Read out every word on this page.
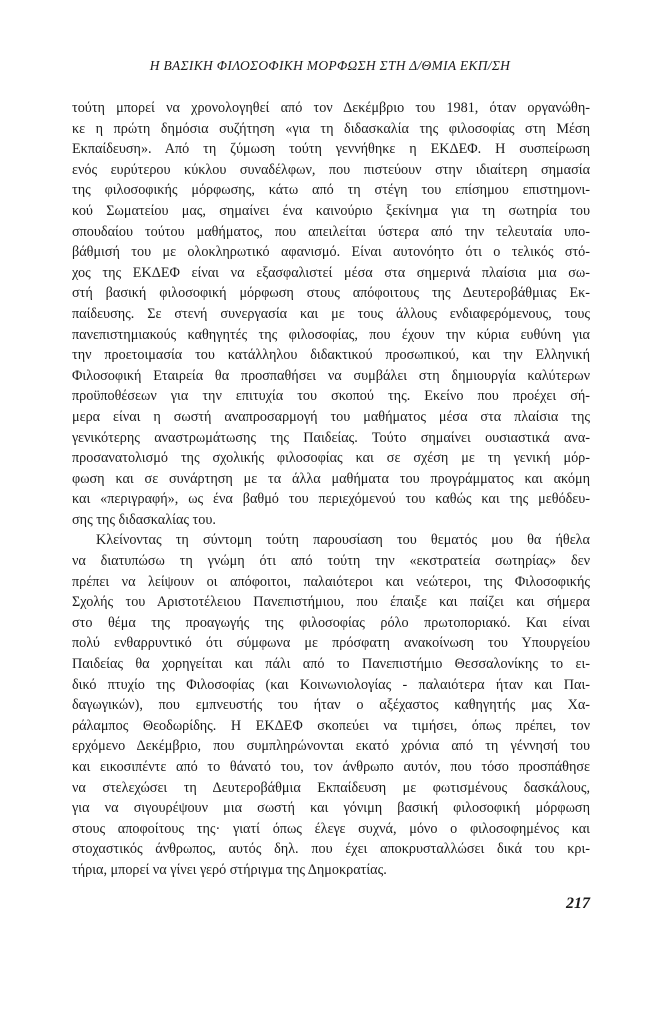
Η ΒΑΣΙΚΗ ΦΙΛΟΣΟΦΙΚΗ ΜΟΡΦΩΣΗ ΣΤΗ Δ/ΘΜΙΑ ΕΚΠ/ΣΗ
τούτη μπορεί να χρονολογηθεί από τον Δεκέμβριο του 1981, όταν οργανώθη-
κε η πρώτη δημόσια συζήτηση «για τη διδασκαλία της φιλοσοφίας στη Μέση
Εκπαίδευση». Από τη ζύμωση τούτη γεννήθηκε η ΕΚΔΕΦ. Η συσπείρωση
ενός ευρύτερου κύκλου συναδέλφων, που πιστεύουν στην ιδιαίτερη σημασία
της φιλοσοφικής μόρφωσης, κάτω από τη στέγη του επίσημου επιστημονι-
κού Σωματείου μας, σημαίνει ένα καινούριο ξεκίνημα για τη σωτηρία του
σπουδαίου τούτου μαθήματος, που απειλείται ύστερα από την τελευταία υπο-
βάθμισή του με ολοκληρωτικό αφανισμό. Είναι αυτονόητο ότι ο τελικός στό-
χος της ΕΚΔΕΦ είναι να εξασφαλιστεί μέσα στα σημερινά πλαίσια μια σω-
στή βασική φιλοσοφική μόρφωση στους απόφοιτους της Δευτεροβάθμιας Εκ-
παίδευσης. Σε στενή συνεργασία και με τους άλλους ενδιαφερόμενους, τους
πανεπιστημιακούς καθηγητές της φιλοσοφίας, που έχουν την κύρια ευθύνη για
την προετοιμασία του κατάλληλου διδακτικού προσωπικού, και την Ελληνική
Φιλοσοφική Εταιρεία θα προσπαθήσει να συμβάλει στη δημιουργία καλύτερων
προϋποθέσεων για την επιτυχία του σκοπού της. Εκείνο που προέχει σή-
μερα είναι η σωστή αναπροσαρμογή του μαθήματος μέσα στα πλαίσια της
γενικότερης αναστρωμάτωσης της Παιδείας. Τούτο σημαίνει ουσιαστικά ανα-
προσανατολισμό της σχολικής φιλοσοφίας και σε σχέση με τη γενική μόρ-
φωση και σε συνάρτηση με τα άλλα μαθήματα του προγράμματος και ακόμη
και «περιγραφή», ως ένα βαθμό του περιεχόμενού του καθώς και της μεθόδευ-
σης της διδασκαλίας του.
Κλείνοντας τη σύντομη τούτη παρουσίαση του θεματός μου θα ήθελα
να διατυπώσω τη γνώμη ότι από τούτη την «εκστρατεία σωτηρίας» δεν
πρέπει να λείψουν οι απόφοιτοι, παλαιότεροι και νεώτεροι, της Φιλοσοφικής
Σχολής του Αριστοτέλειου Πανεπιστήμιου, που έπαιξε και παίζει και σήμερα
στο θέμα της προαγωγής της φιλοσοφίας ρόλο πρωτοποριακό. Και είναι
πολύ ενθαρρυντικό ότι σύμφωνα με πρόσφατη ανακοίνωση του Υπουργείου
Παιδείας θα χορηγείται και πάλι από το Πανεπιστήμιο Θεσσαλονίκης το ει-
δικό πτυχίο της Φιλοσοφίας (και Κοινωνιολογίας - παλαιότερα ήταν και Παι-
δαγωγικών), που εμπνευστής του ήταν ο αξέχαστος καθηγητής μας Χα-
ράλαμπος Θεοδωρίδης. Η ΕΚΔΕΦ σκοπεύει να τιμήσει, όπως πρέπει, τον
ερχόμενο Δεκέμβριο, που συμπληρώνονται εκατό χρόνια από τη γέννησή του
και εικοσιπέντε από το θάνατό του, τον άνθρωπο αυτόν, που τόσο προσπάθησε
να στελεχώσει τη Δευτεροβάθμια Εκπαίδευση με φωτισμένους δασκάλους,
για να σιγουρέψουν μια σωστή και γόνιμη βασική φιλοσοφική μόρφωση
στους αποφοίτους της· γιατί όπως έλεγε συχνά, μόνο ο φιλοσοφημένος και
στοχαστικός άνθρωπος, αυτός δηλ. που έχει αποκρυσταλλώσει δικά του κρι-
τήρια, μπορεί να γίνει γερό στήριγμα της Δημοκρατίας.
217
